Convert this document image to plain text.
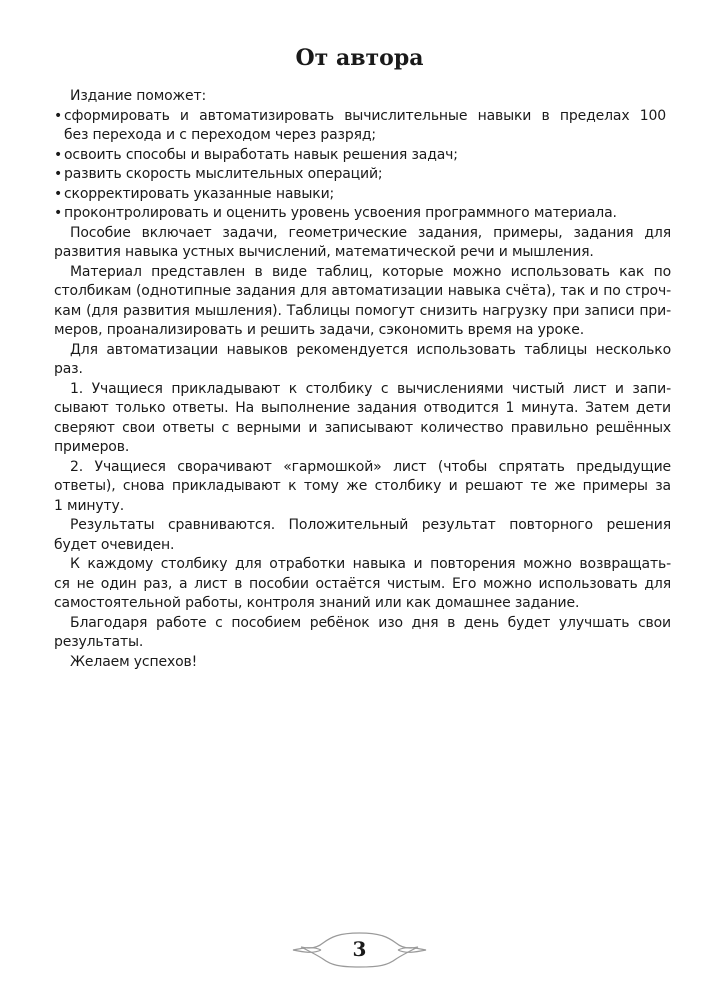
От автора
Издание поможет:
• сформировать и автоматизировать вычислительные навыки в пределах 100
без перехода и с переходом через разряд;
• освоить способы и выработать навык решения задач;
• развить скорость мыслительных операций;
• скорректировать указанные навыки;
• проконтролировать и оценить уровень усвоения программного материала.
Пособие включает задачи, геометрические задания, примеры, задания для
развития навыка устных вычислений, математической речи и мышления.
Материал представлен в виде таблиц, которые можно использовать как по
столбикам (однотипные задания для автоматизации навыка счёта), так и по строч-
кам (для развития мышления). Таблицы помогут снизить нагрузку при записи при-
меров, проанализировать и решить задачи, сэкономить время на уроке.
Для автоматизации навыков рекомендуется использовать таблицы несколько
раз.
1. Учащиеся прикладывают к столбику с вычислениями чистый лист и запи-
сывают только ответы. На выполнение задания отводится 1 минута. Затем дети
сверяют свои ответы с верными и записывают количество правильно решённых
примеров.
2. Учащиеся сворачивают «гармошкой» лист (чтобы спрятать предыдущие
ответы), снова прикладывают к тому же столбику и решают те же примеры за
1 минуту.
Результаты сравниваются. Положительный результат повторного решения
будет очевиден.
К каждому столбику для отработки навыка и повторения можно возвращать-
ся не один раз, а лист в пособии остаётся чистым. Его можно использовать для
самостоятельной работы, контроля знаний или как домашнее задание.
Благодаря работе с пособием ребёнок изо дня в день будет улучшать свои
результаты.
Желаем успехов!
3
